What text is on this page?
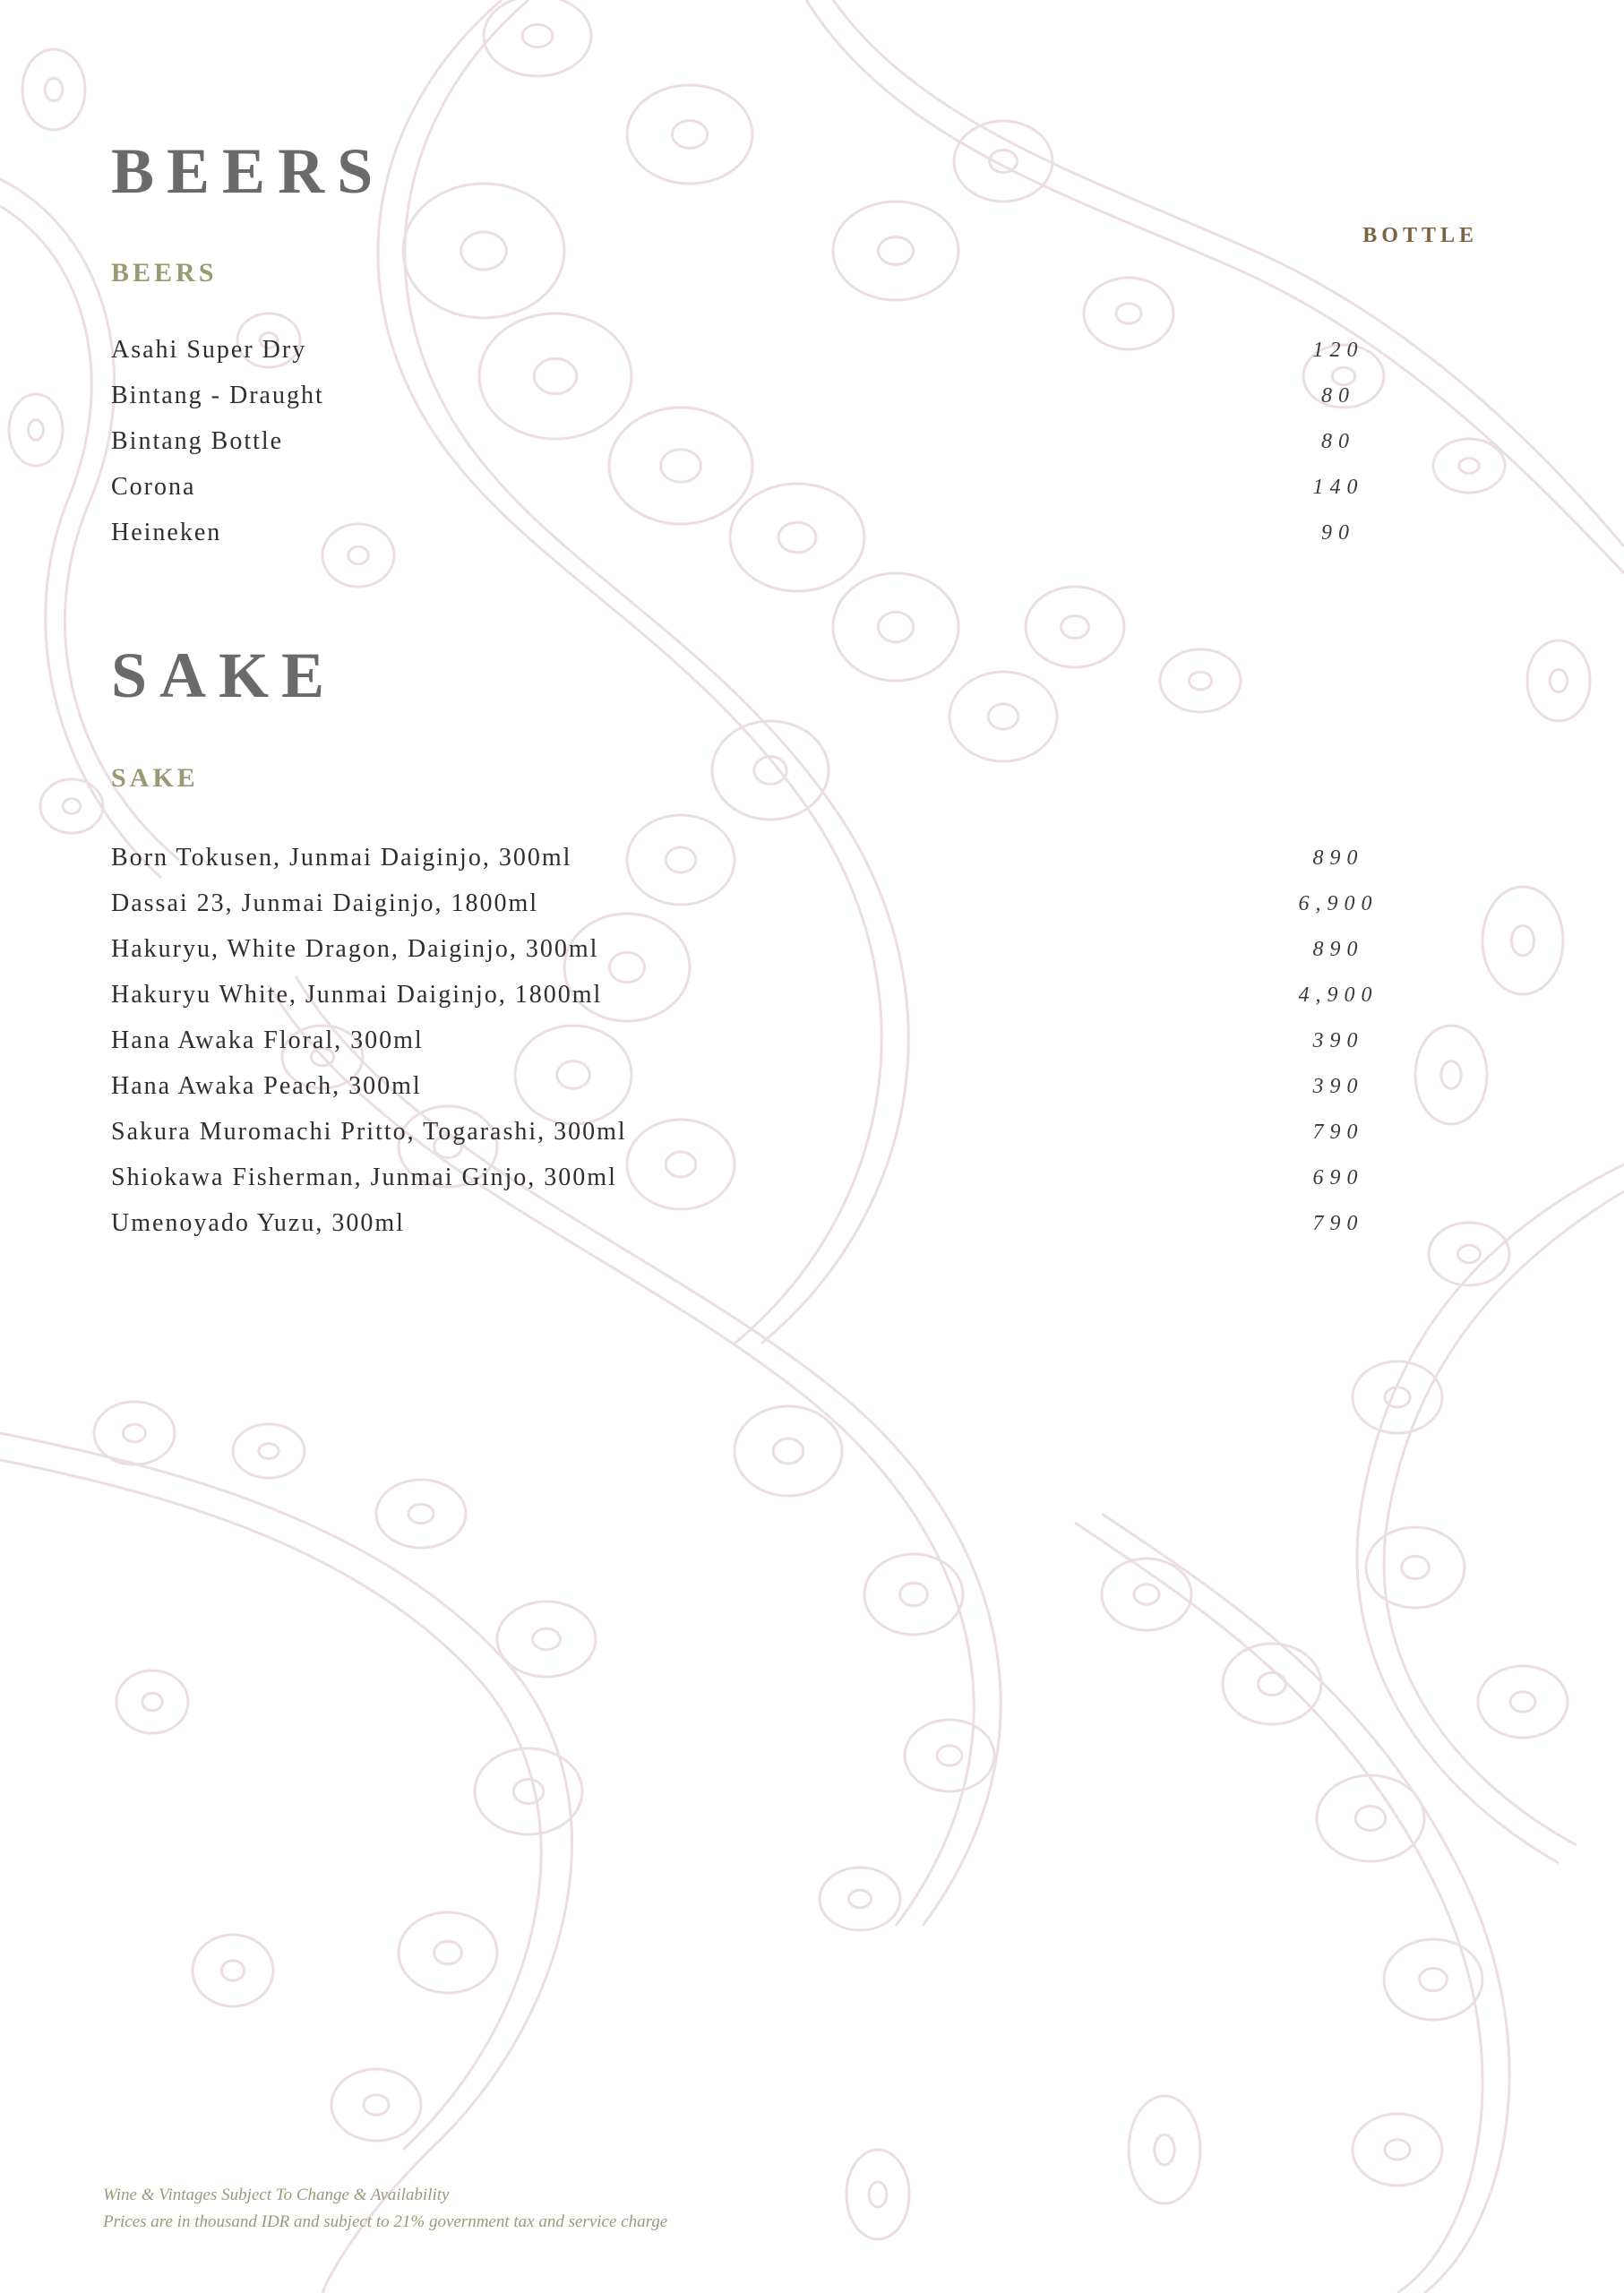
BEERS
BOTTLE
BEERS
Asahi Super Dry	120
Bintang - Draught	80
Bintang Bottle	80
Corona	140
Heineken	90
SAKE
SAKE
Born Tokusen, Junmai Daiginjo, 300ml	890
Dassai 23, Junmai Daiginjo, 1800ml	6,900
Hakuryu, White Dragon, Daiginjo, 300ml	890
Hakuryu White, Junmai Daiginjo, 1800ml	4,900
Hana Awaka Floral, 300ml	390
Hana Awaka Peach, 300ml	390
Sakura Muromachi Pritto, Togarashi, 300ml	790
Shiokawa Fisherman, Junmai Ginjo, 300ml	690
Umenoyado Yuzu, 300ml	790
Wine & Vintages Subject To Change & Availability
Prices are in thousand IDR and subject to 21% government tax and service charge
